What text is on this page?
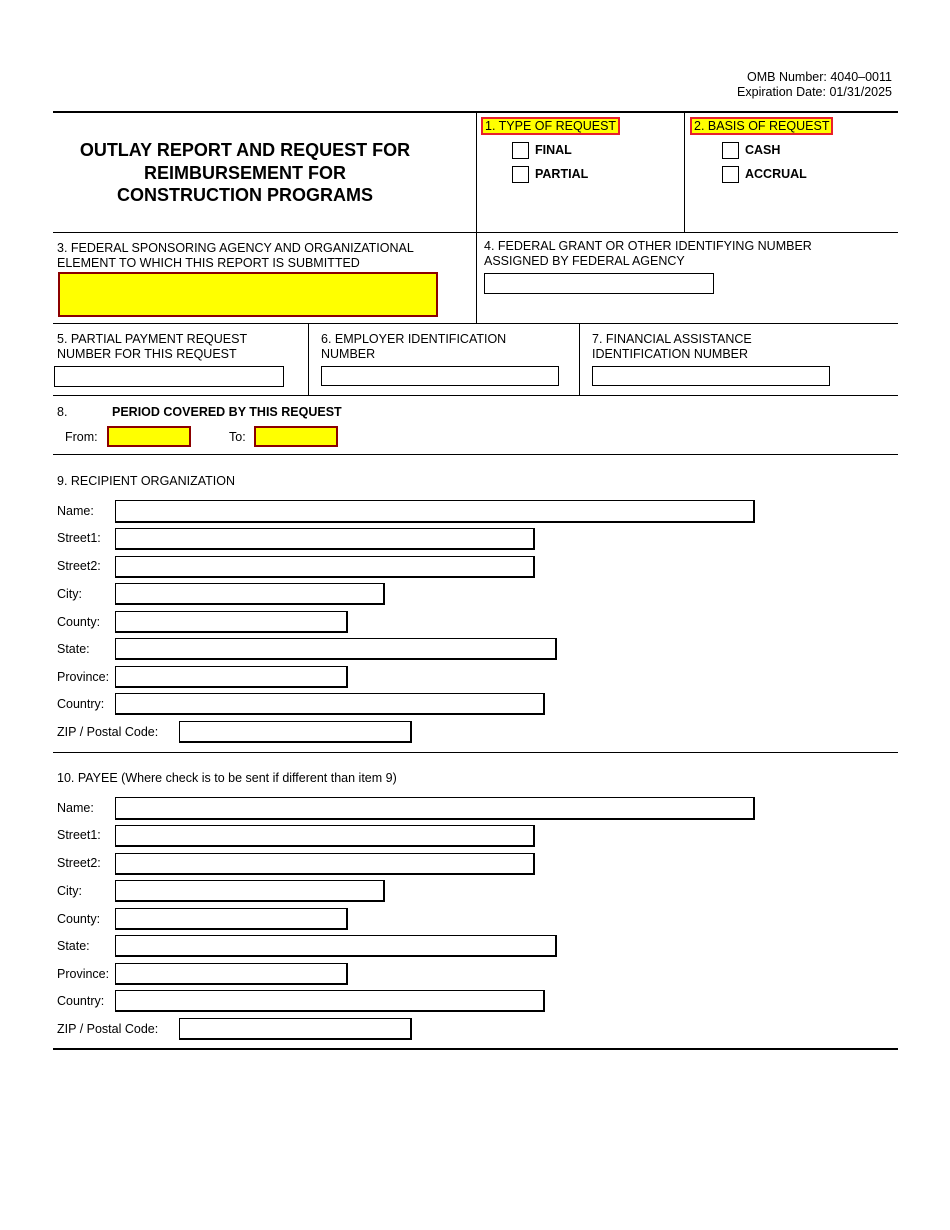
OMB Number: 4040–0011
Expiration Date: 01/31/2025
OUTLAY REPORT AND REQUEST FOR
REIMBURSEMENT FOR
CONSTRUCTION PROGRAMS
1. TYPE OF REQUEST
FINAL
PARTIAL
2. BASIS OF REQUEST
CASH
ACCRUAL
3. FEDERAL SPONSORING AGENCY AND ORGANIZATIONAL
ELEMENT TO WHICH THIS REPORT IS SUBMITTED
4. FEDERAL GRANT OR OTHER IDENTIFYING NUMBER
ASSIGNED BY FEDERAL AGENCY
5. PARTIAL PAYMENT REQUEST
NUMBER FOR THIS REQUEST
6. EMPLOYER IDENTIFICATION
NUMBER
7. FINANCIAL ASSISTANCE
IDENTIFICATION NUMBER
8.	PERIOD COVERED BY THIS REQUEST
From:	To:
9. RECIPIENT ORGANIZATION
Name:
Street1:
Street2:
City:
County:
State:
Province:
Country:
ZIP / Postal Code:
10. PAYEE (Where check is to be sent if different than item 9)
Name:
Street1:
Street2:
City:
County:
State:
Province:
Country:
ZIP / Postal Code:
